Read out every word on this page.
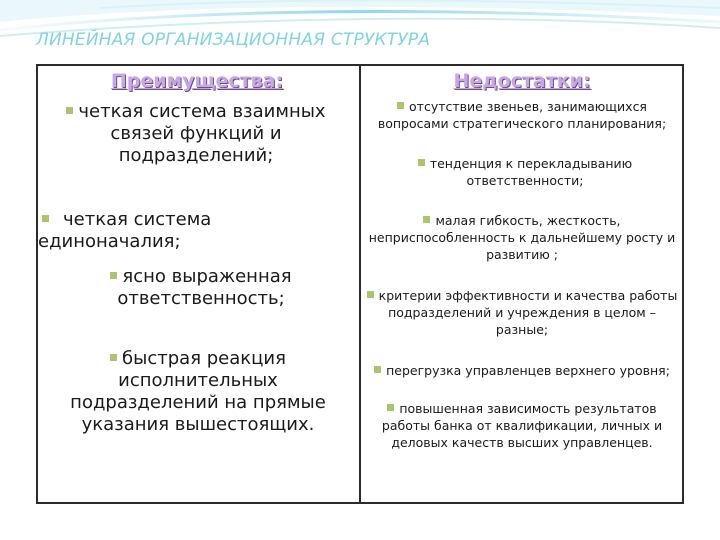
ЛИНЕЙНАЯ ОРГАНИЗАЦИОННАЯ СТРУКТУРА
Преимущества:
четкая система взаимных связей функций и подразделений;
четкая система единоначалия;
ясно выраженная ответственность;
быстрая реакция исполнительных подразделений на прямые указания вышестоящих.
Недостатки:
отсутствие звеньев, занимающихся вопросами стратегического планирования;
тенденция к перекладыванию ответственности;
малая гибкость, жесткость, неприспособленность к дальнейшему росту и развитию ;
критерии эффективности и качества работы подразделений и учреждения в целом – разные;
перегрузка управленцев верхнего уровня;
повышенная зависимость результатов работы банка от квалификации, личных и деловых качеств высших управленцев.
